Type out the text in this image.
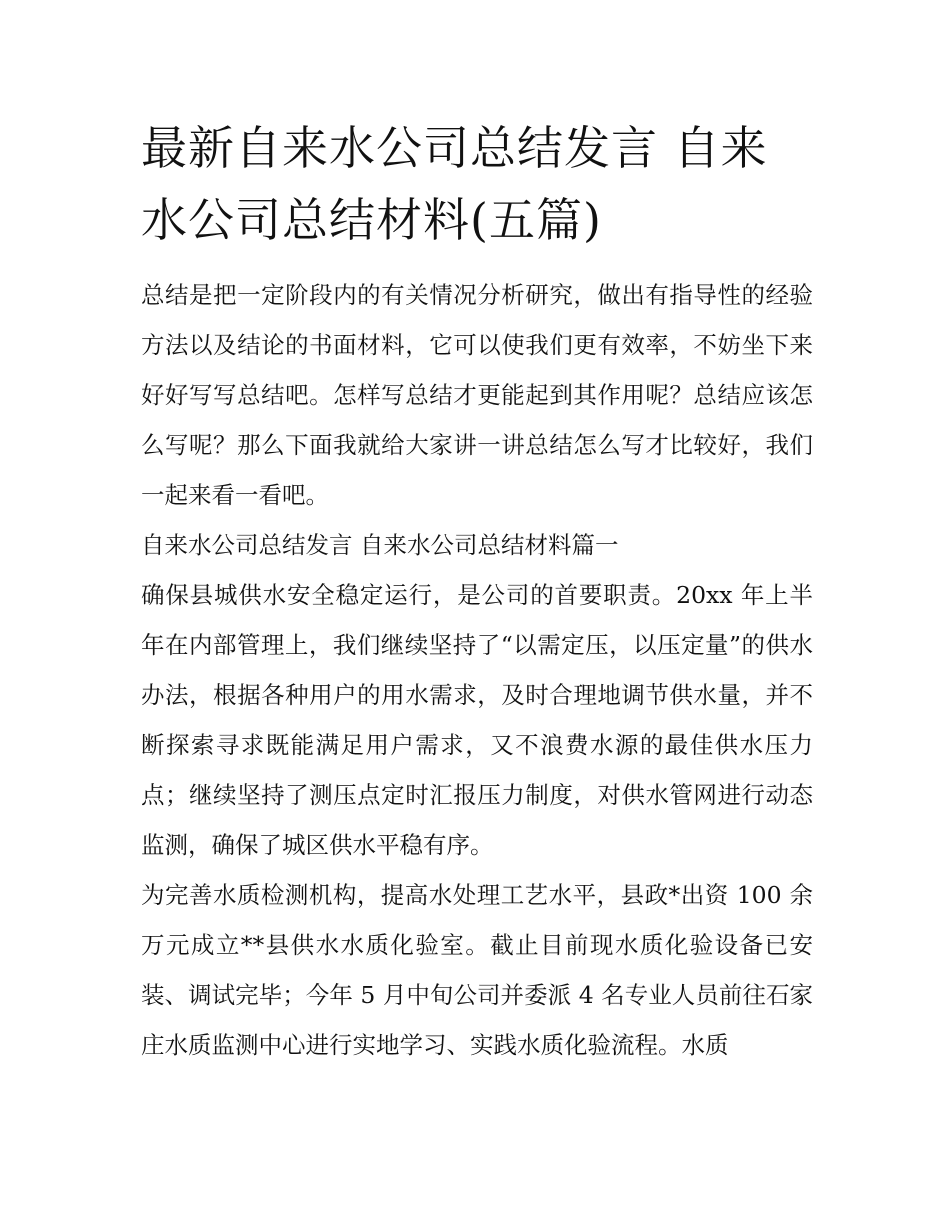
最新自来水公司总结发言 自来水公司总结材料(五篇)

总结是把一定阶段内的有关情况分析研究，做出有指导性的经验方法以及结论的书面材料，它可以使我们更有效率，不妨坐下来好好写写总结吧。怎样写总结才更能起到其作用呢？总结应该怎么写呢？那么下面我就给大家讲一讲总结怎么写才比较好，我们一起来看一看吧。

自来水公司总结发言 自来水公司总结材料篇一

确保县城供水安全稳定运行，是公司的首要职责。20xx 年上半年在内部管理上，我们继续坚持了“以需定压，以压定量”的供水办法，根据各种用户的用水需求，及时合理地调节供水量，并不断探索寻求既能满足用户需求，又不浪费水源的最佳供水压力点；继续坚持了测压点定时汇报压力制度，对供水管网进行动态监测，确保了城区供水平稳有序。

为完善水质检测机构，提高水处理工艺水平，县政*出资 100 余万元成立**县供水水质化验室。截止目前现水质化验设备已安装、调试完毕；今年 5 月中旬公司并委派 4 名专业人员前往石家庄水质监测中心进行实地学习、实践水质化验流程。水质
